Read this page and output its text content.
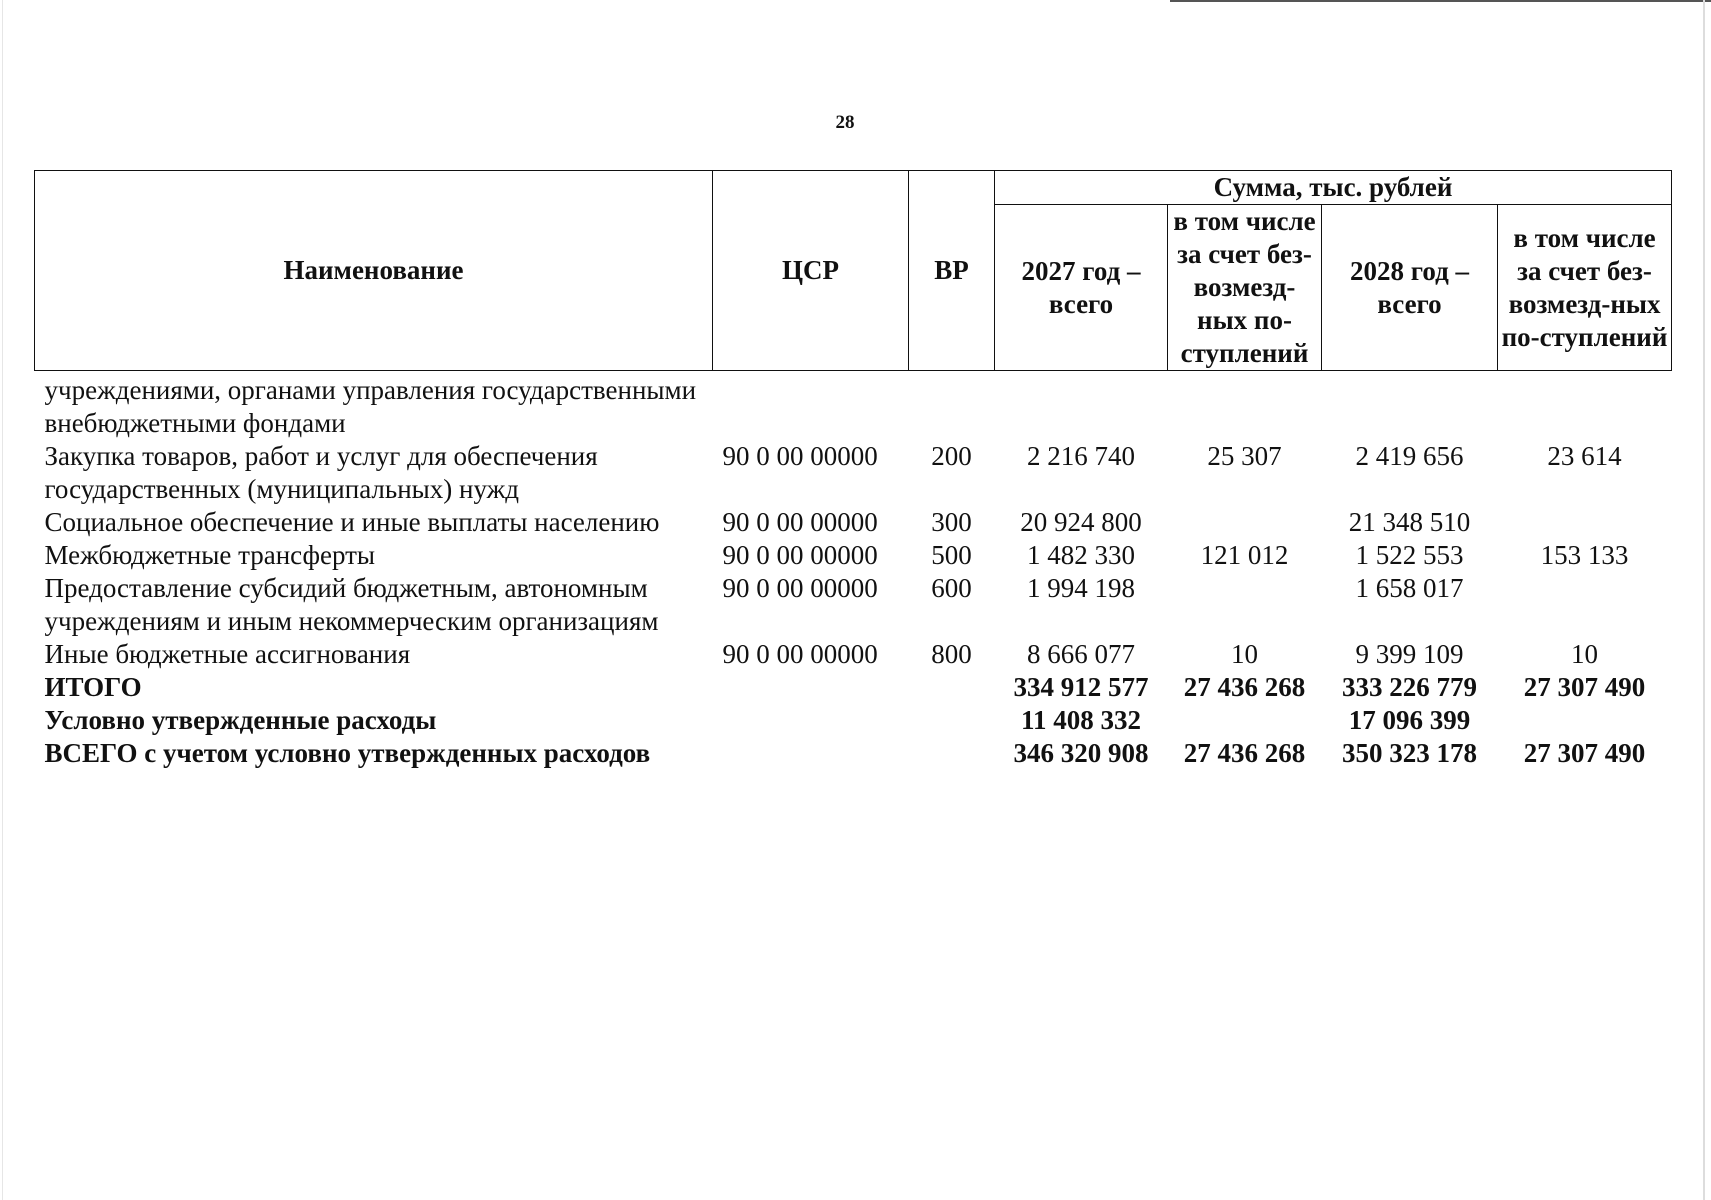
28
Наименование	ЦСР	ВР	Сумма, тыс. рублей			
			2027 год – всего	в том числе за счет без-возмезд-ных по-ступлений	2028 год – всего	в том числе за счет без-возмезд-ных по-ступлений
учреждениями, органами управления государственными внебюджетными фондами						
Закупка товаров, работ и услуг для обеспечения государственных (муниципальных) нужд	90 0 00 00000	200	2 216 740	25 307	2 419 656	23 614
Социальное обеспечение и иные выплаты населению	90 0 00 00000	300	20 924 800		21 348 510	
Межбюджетные трансферты	90 0 00 00000	500	1 482 330	121 012	1 522 553	153 133
Предоставление субсидий бюджетным, автономным учреждениям и иным некоммерческим организациям	90 0 00 00000	600	1 994 198		1 658 017	
Иные бюджетные ассигнования	90 0 00 00000	800	8 666 077	10	9 399 109	10
ИТОГО			334 912 577	27 436 268	333 226 779	27 307 490
Условно утвержденные расходы			11 408 332		17 096 399	
ВСЕГО с учетом условно утвержденных расходов			346 320 908	27 436 268	350 323 178	27 307 490
